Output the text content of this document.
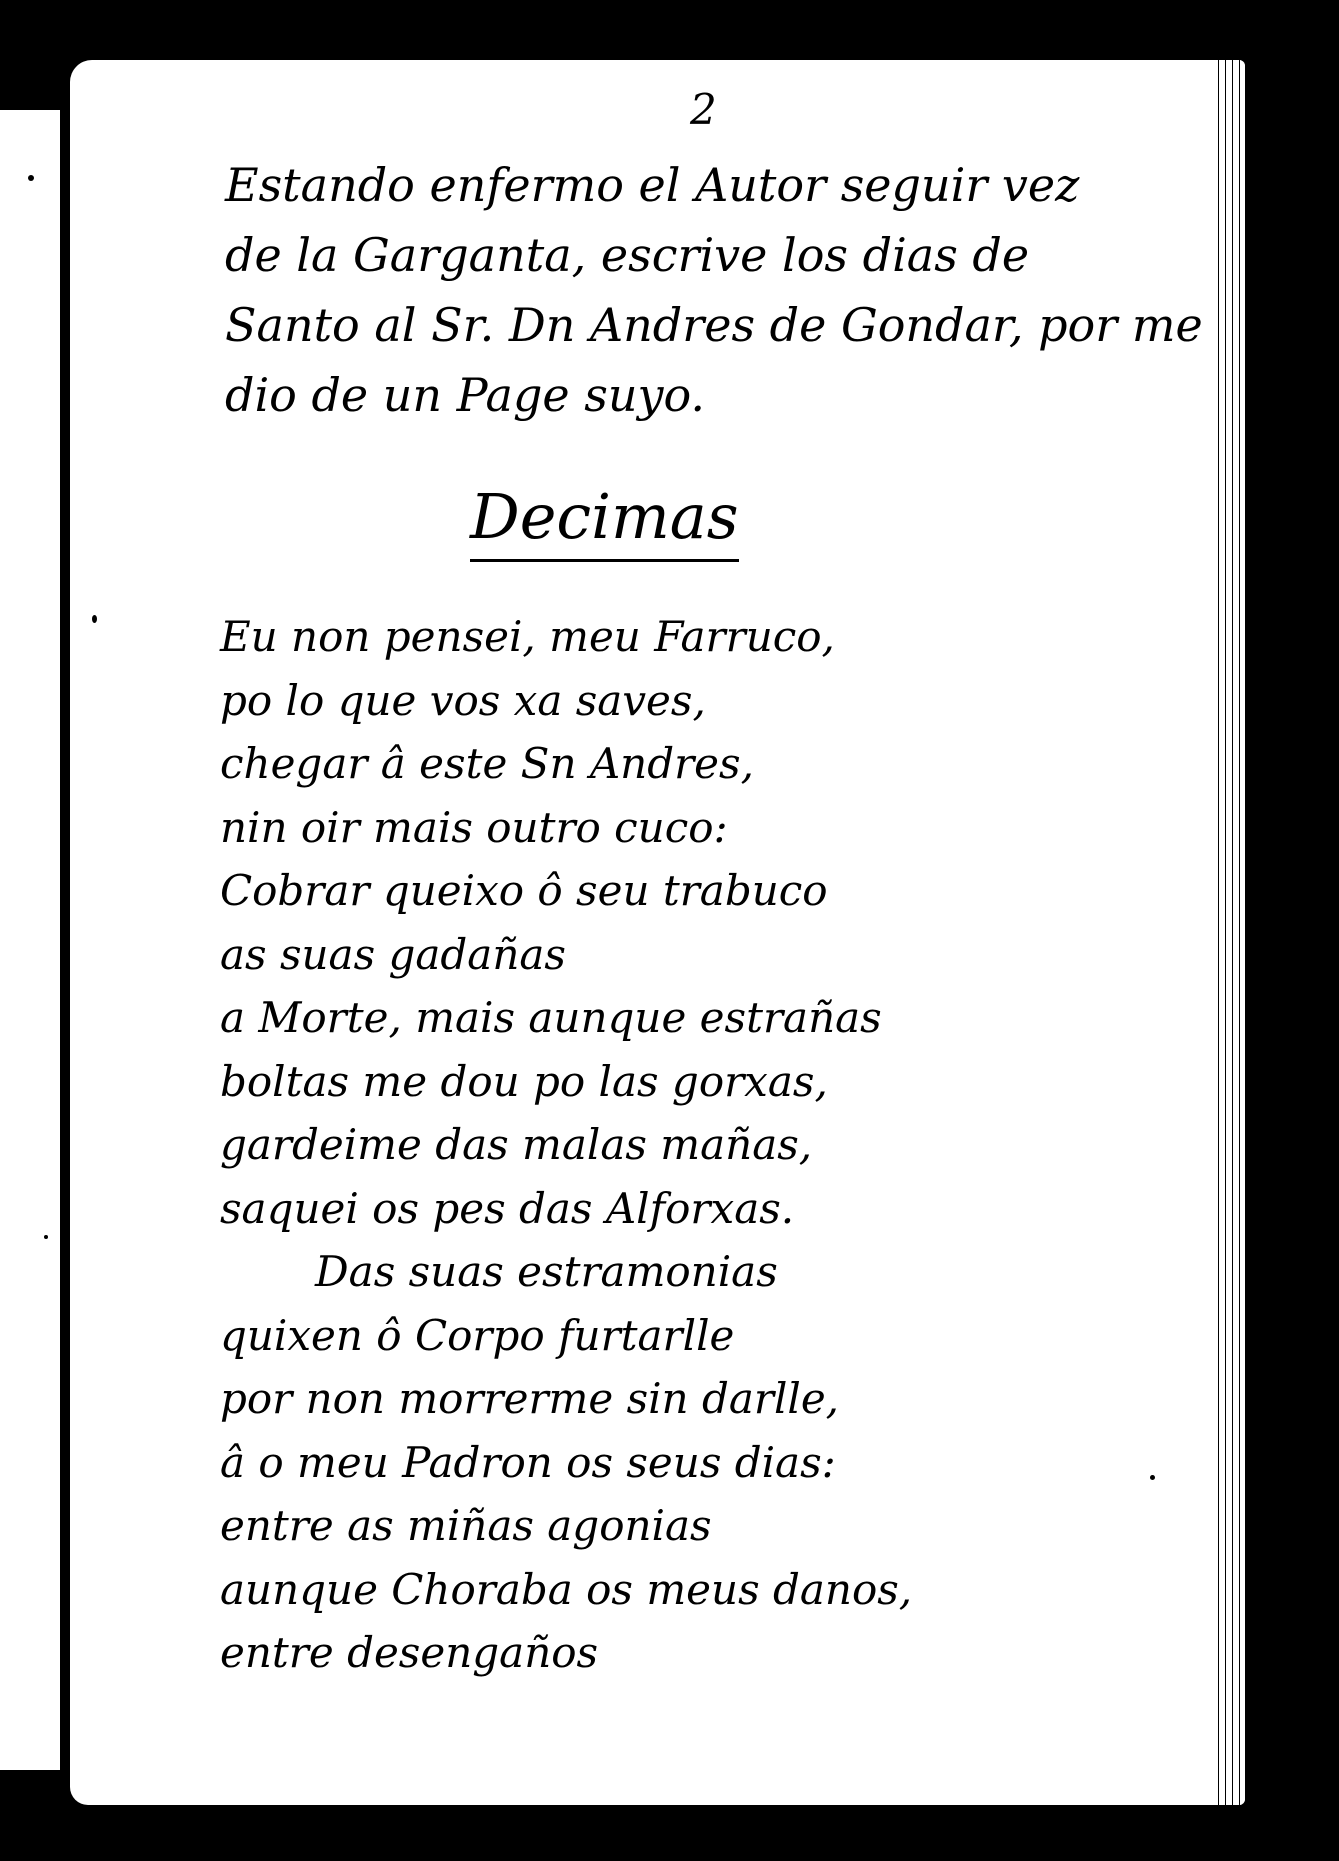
2
Estando enfermo el Autor seguir vez
de la Garganta, escrive los dias de
Santo al Sr. Dn Andres de Gondar, por me
dio de un Page suyo.
Decimas
Eu non pensei, meu Farruco,
po lo que vos xa saves,
chegar â este Sn Andres,
nin oir mais outro cuco:
Cobrar queixo ô seu trabuco
as suas gadañas
a Morte, mais aunque estrañas
boltas me dou po las gorxas,
gardeime das malas mañas,
saquei os pes das Alforxas.
Das suas estramonias
quixen ô Corpo furtarlle
por non morrerme sin darlle,
â o meu Padron os seus dias:
entre as miñas agonias
aunque Choraba os meus danos,
entre desengaños
